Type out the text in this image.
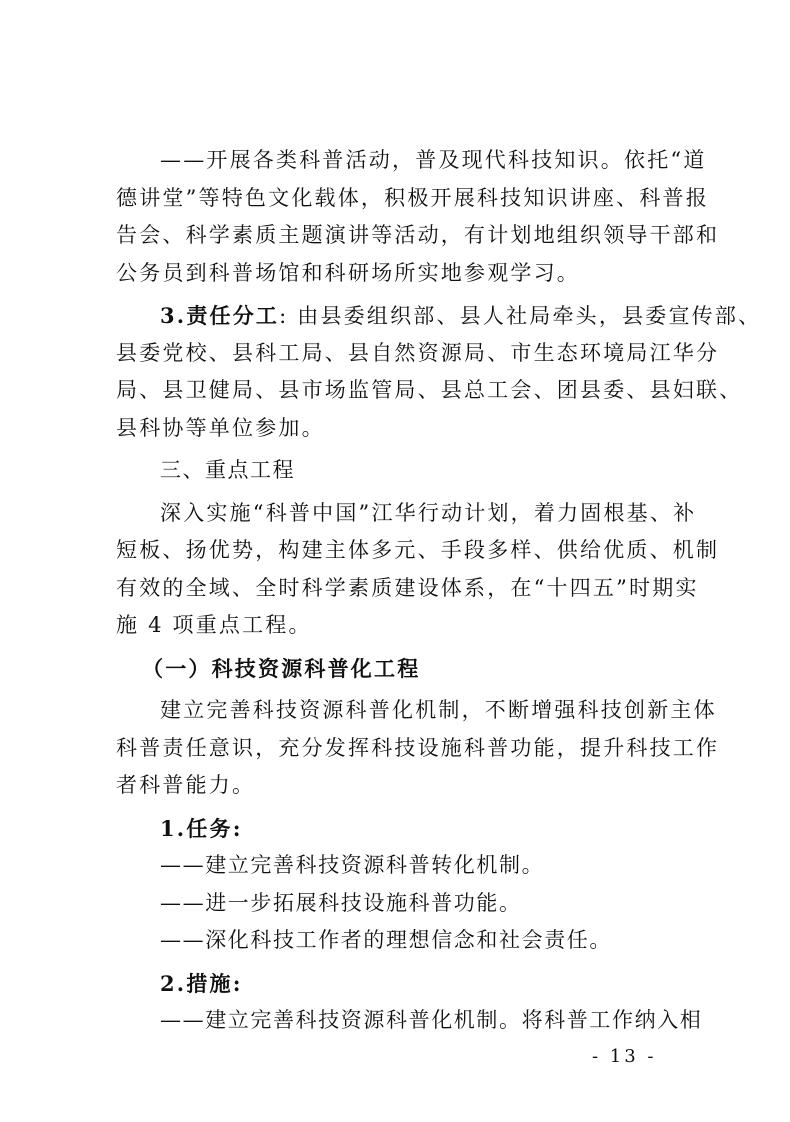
——开展各类科普活动，普及现代科技知识。依托“道
德讲堂”等特色文化载体，积极开展科技知识讲座、科普报
告会、科学素质主题演讲等活动，有计划地组织领导干部和
公务员到科普场馆和科研场所实地参观学习。
3.责任分工: 由县委组织部、县人社局牵头，县委宣传部、
县委党校、县科工局、县自然资源局、市生态环境局江华分
局、县卫健局、县市场监管局、县总工会、团县委、县妇联、
县科协等单位参加。
三、重点工程
深入实施“科普中国”江华行动计划，着力固根基、补
短板、扬优势，构建主体多元、手段多样、供给优质、机制
有效的全域、全时科学素质建设体系，在“十四五”时期实
施 4 项重点工程。
（一）科技资源科普化工程
建立完善科技资源科普化机制，不断增强科技创新主体
科普责任意识，充分发挥科技设施科普功能，提升科技工作
者科普能力。
1.任务:
——建立完善科技资源科普转化机制。
——进一步拓展科技设施科普功能。
——深化科技工作者的理想信念和社会责任。
2.措施:
——建立完善科技资源科普化机制。将科普工作纳入相
- 13 -
